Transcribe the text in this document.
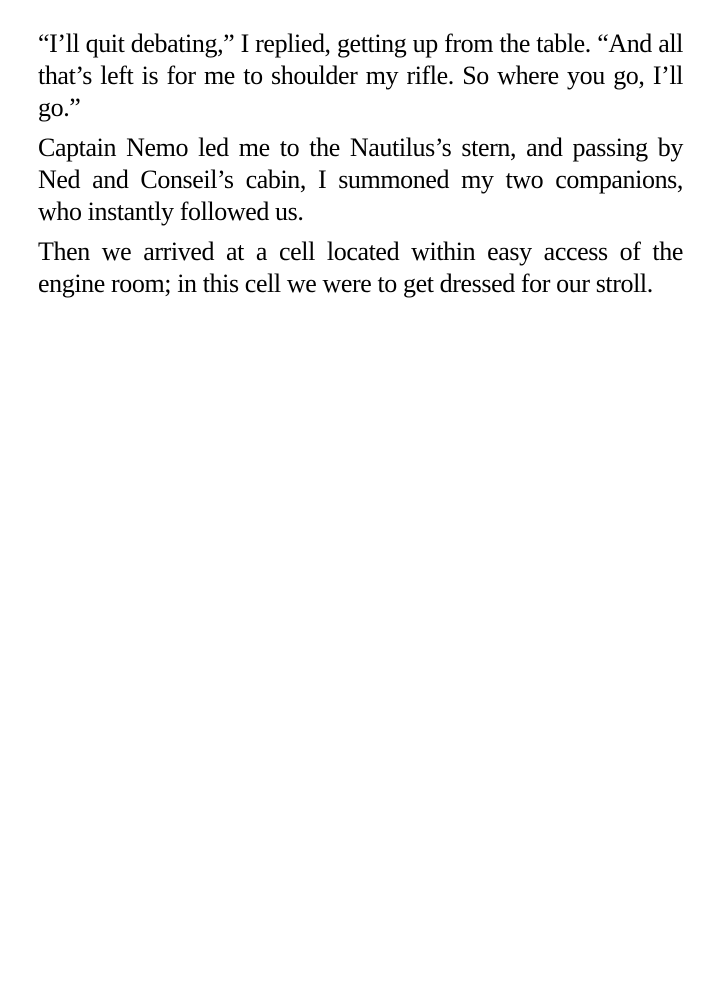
“I’ll quit debating,” I replied, getting up from the table. “And all that’s left is for me to shoulder my rifle. So where you go, I’ll go.”

Captain Nemo led me to the Nautilus’s stern, and passing by Ned and Conseil’s cabin, I summoned my two companions, who instantly followed us.

Then we arrived at a cell located within easy access of the engine room; in this cell we were to get dressed for our stroll.
